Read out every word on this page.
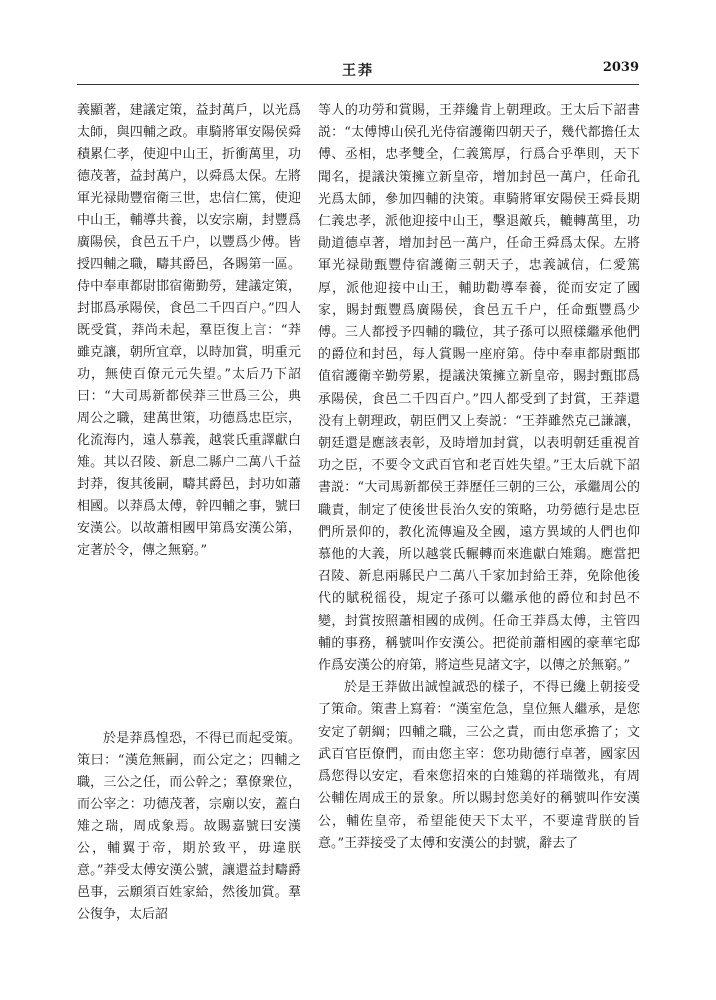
王莽	2039

義顯著，建議定策，益封萬戶，以光爲太師，與四輔之政。車騎將軍安陽侯舜積累仁孝，使迎中山王，折衝萬里，功德茂著，益封萬户，以舜爲太保。左將軍光禄勛豐宿衛三世，忠信仁篤，使迎中山王，輔導共養，以安宗廟，封豐爲廣陽侯，食邑五千户，以豐爲少傅。皆授四輔之職，疇其爵邑，各賜第一區。侍中奉車都尉邯宿衛勤勞，建議定策，封邯爲承陽侯，食邑二千四百户。”四人既受賞，莽尚未起，羣臣復上言：“莽雖克讓，朝所宜章，以時加賞，明重元功，無使百僚元元失望。”太后乃下詔曰：“大司馬新都侯莽三世爲三公，典周公之職，建萬世策，功德爲忠臣宗，化流海内，遠人慕義，越裳氏重譯獻白雉。其以召陵、新息二縣户二萬八千益封莽，復其後嗣，疇其爵邑，封功如蕭相國。以莽爲太傅，幹四輔之事，號曰安漢公。以故蕭相國甲第爲安漢公第，定著於令，傳之無窮。”

於是莽爲惶恐，不得已而起受策。策曰：“漢危無嗣，而公定之；四輔之職，三公之任，而公幹之；羣僚衆位，而公宰之：功德茂著，宗廟以安，蓋白雉之瑞，周成象焉。故賜嘉號曰安漢公，輔翼于帝，期於致平，毋違朕意。”莽受太傅安漢公號，讓還益封疇爵邑事，云願須百姓家給，然後加賞。羣公復争，太后詔

等人的功勞和賞賜，王莽纔肯上朝理政。王太后下詔書説：“太傅博山侯孔光侍宿護衛四朝天子，幾代都擔任太傅、丞相，忠孝雙全，仁義篤厚，行爲合乎準則，天下聞名，提議決策擁立新皇帝，增加封邑一萬户，任命孔光爲太師，參加四輔的決策。車騎將軍安陽侯王舜長期仁義忠孝，派他迎接中山王，擊退敵兵，轆轉萬里，功勛道德卓著，增加封邑一萬户，任命王舜爲太保。左將軍光禄勛甄豐侍宿護衛三朝天子，忠義誠信，仁愛篤厚，派他迎接中山王，輔助勸導奉養，從而安定了國家，賜封甄豐爲廣陽侯，食邑五千户，任命甄豐爲少傅。三人都授予四輔的職位，其子孫可以照樣繼承他們的爵位和封邑，每人賞賜一座府第。侍中奉車都尉甄邯值宿護衛辛勤勞累，提議決策擁立新皇帝，賜封甄邯爲承陽侯，食邑二千四百户。”四人都受到了封賞，王莽還没有上朝理政，朝臣們又上奏説：“王莽雖然克己謙讓，朝廷還是應該表彰，及時增加封賞，以表明朝廷重視首功之臣，不要令文武百官和老百姓失望。”王太后就下詔書説：“大司馬新都侯王莽歷任三朝的三公，承繼周公的職責，制定了使後世長治久安的策略，功勞德行是忠臣們所景仰的，教化流傳遍及全國，遠方異域的人們也仰慕他的大義，所以越裳氏輾轉而來進獻白雉鶏。應當把召陵、新息兩縣民户二萬八千家加封給王莽，免除他後代的賦税徭役，規定子孫可以繼承他的爵位和封邑不變，封賞按照蕭相國的成例。任命王莽爲太傅，主管四輔的事務，稱號叫作安漢公。把從前蕭相國的豪華宅邸作爲安漢公的府第，將這些見諸文字，以傳之於無窮。”

於是王莽做出誠惶誠恐的樣子，不得已纔上朝接受了策命。策書上寫着：“漢室危急，皇位無人繼承，是您安定了朝綱；四輔之職，三公之責，而由您承擔了；文武百官臣僚們，而由您主宰：您功勛德行卓著，國家因爲您得以安定，看來您招來的白雉鶏的祥瑞徵兆，有周公輔佐周成王的景象。所以賜封您美好的稱號叫作安漢公，輔佐皇帝，希望能使天下太平，不要違背朕的旨意。”王莽接受了太傅和安漢公的封號，辭去了
